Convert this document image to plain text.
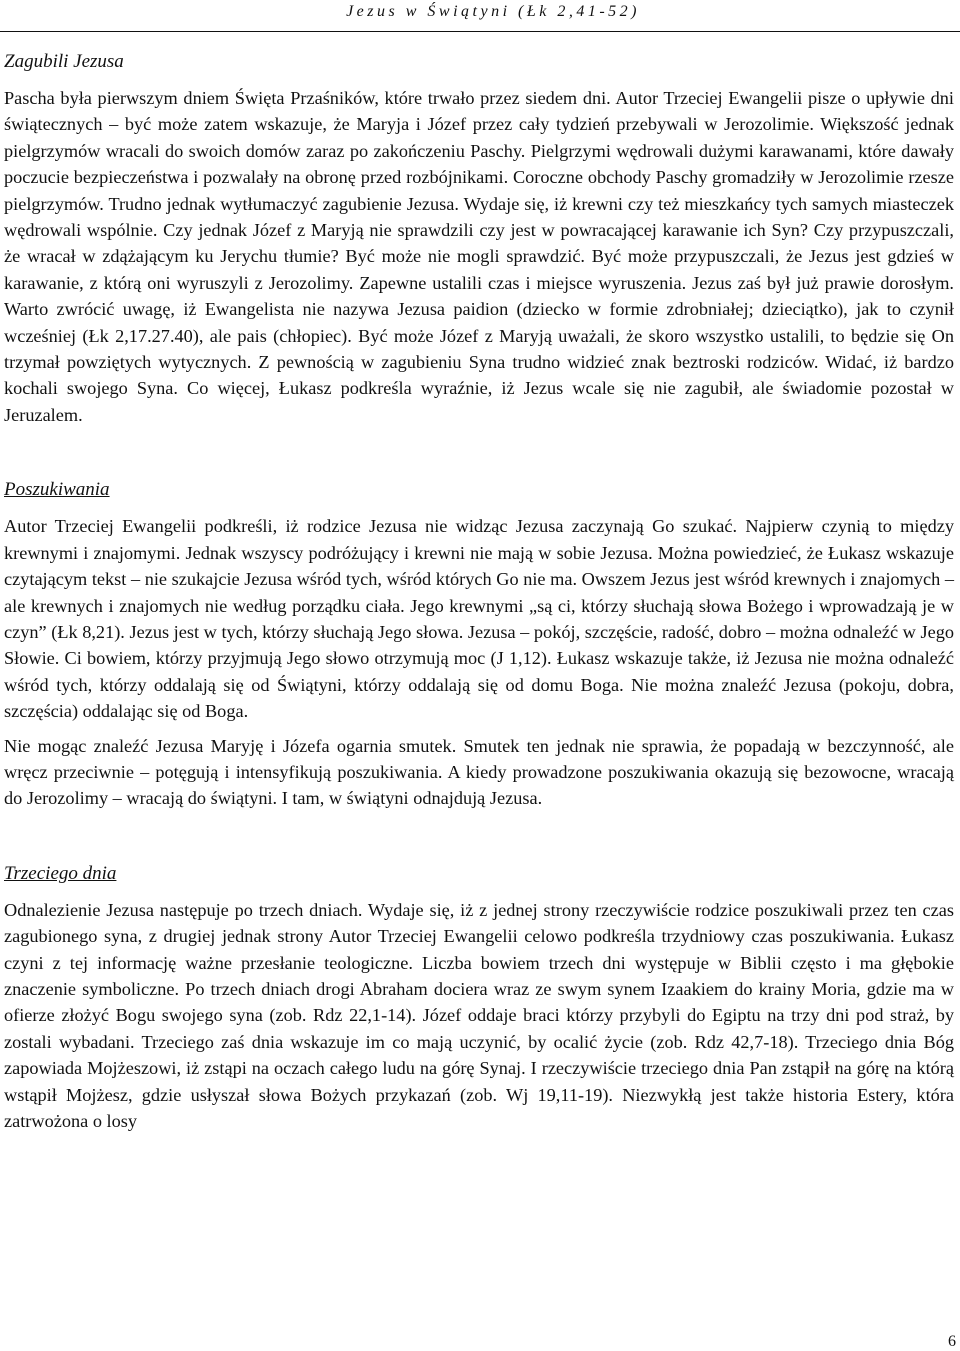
Jezus w Świątyni (Łk 2,41-52)
Zagubili Jezusa

Pascha była pierwszym dniem Święta Przaśników, które trwało przez siedem dni. Autor Trzeciej Ewangelii pisze o upływie dni świątecznych – być może zatem wskazuje, że Maryja i Józef przez cały tydzień przebywali w Jerozolimie. Większość jednak pielgrzymów wracali do swoich domów zaraz po zakończeniu Paschy. Pielgrzymi wędrowali dużymi karawanami, które dawały poczucie bezpieczeństwa i pozwalały na obronę przed rozbójnikami. Coroczne obchody Paschy gromadziły w Jerozolimie rzesze pielgrzymów. Trudno jednak wytłumaczyć zagubienie Jezusa. Wydaje się, iż krewni czy też mieszkańcy tych samych miasteczek wędrowali wspólnie. Czy jednak Józef z Maryją nie sprawdzili czy jest w powracającej karawanie ich Syn? Czy przypuszczali, że wracał w zdążającym ku Jerychu tłumie? Być może nie mogli sprawdzić. Być może przypuszczali, że Jezus jest gdzieś w karawanie, z którą oni wyruszyli z Jerozolimy. Zapewne ustalili czas i miejsce wyruszenia. Jezus zaś był już prawie dorosłym. Warto zwrócić uwagę, iż Ewangelista nie nazywa Jezusa paidion (dziecko w formie zdrobniałej; dzieciątko), jak to czynił wcześniej (Łk 2,17.27.40), ale pais (chłopiec). Być może Józef z Maryją uważali, że skoro wszystko ustalili, to będzie się On trzymał powziętych wytycznych. Z pewnością w zagubieniu Syna trudno widzieć znak beztroski rodziców. Widać, iż bardzo kochali swojego Syna. Co więcej, Łukasz podkreśla wyraźnie, iż Jezus wcale się nie zagubił, ale świadomie pozostał w Jeruzalem.

Poszukiwania

Autor Trzeciej Ewangelii podkreśli, iż rodzice Jezusa nie widząc Jezusa zaczynają Go szukać. Najpierw czynią to między krewnymi i znajomymi. Jednak wszyscy podróżujący i krewni nie mają w sobie Jezusa. Można powiedzieć, że Łukasz wskazuje czytającym tekst – nie szukajcie Jezusa wśród tych, wśród których Go nie ma. Owszem Jezus jest wśród krewnych i znajomych – ale krewnych i znajomych nie według porządku ciała. Jego krewnymi „są ci, którzy słuchają słowa Bożego i wprowadzają je w czyn” (Łk 8,21). Jezus jest w tych, którzy słuchają Jego słowa. Jezusa – pokój, szczęście, radość, dobro – można odnaleźć w Jego Słowie. Ci bowiem, którzy przyjmują Jego słowo otrzymują moc (J 1,12). Łukasz wskazuje także, iż Jezusa nie można odnaleźć wśród tych, którzy oddalają się od Świątyni, którzy oddalają się od domu Boga. Nie można znaleźć Jezusa (pokoju, dobra, szczęścia) oddalając się od Boga.

Nie mogąc znaleźć Jezusa Maryję i Józefa ogarnia smutek. Smutek ten jednak nie sprawia, że popadają w bezczynność, ale wręcz przeciwnie – potęgują i intensyfikują poszukiwania. A kiedy prowadzone poszukiwania okazują się bezowocne, wracają do Jerozolimy – wracają do świątyni. I tam, w świątyni odnajdują Jezusa.

Trzeciego dnia

Odnalezienie Jezusa następuje po trzech dniach. Wydaje się, iż z jednej strony rzeczywiście rodzice poszukiwali przez ten czas zagubionego syna, z drugiej jednak strony Autor Trzeciej Ewangelii celowo podkreśla trzydniowy czas poszukiwania. Łukasz czyni z tej informację ważne przesłanie teologiczne. Liczba bowiem trzech dni występuje w Biblii często i ma głębokie znaczenie symboliczne. Po trzech dniach drogi Abraham dociera wraz ze swym synem Izaakiem do krainy Moria, gdzie ma w ofierze złożyć Bogu swojego syna (zob. Rdz 22,1-14). Józef oddaje braci którzy przybyli do Egiptu na trzy dni pod straż, by zostali wybadani. Trzeciego zaś dnia wskazuje im co mają uczynić, by ocalić życie (zob. Rdz 42,7-18). Trzeciego dnia Bóg zapowiada Mojżeszowi, iż zstąpi na oczach całego ludu na górę Synaj. I rzeczywiście trzeciego dnia Pan zstąpił na górę na którą wstąpił Mojżesz, gdzie usłyszał słowa Bożych przykazań (zob. Wj 19,11-19). Niezwykłą jest także historia Estery, która zatrwożona o losy

6
